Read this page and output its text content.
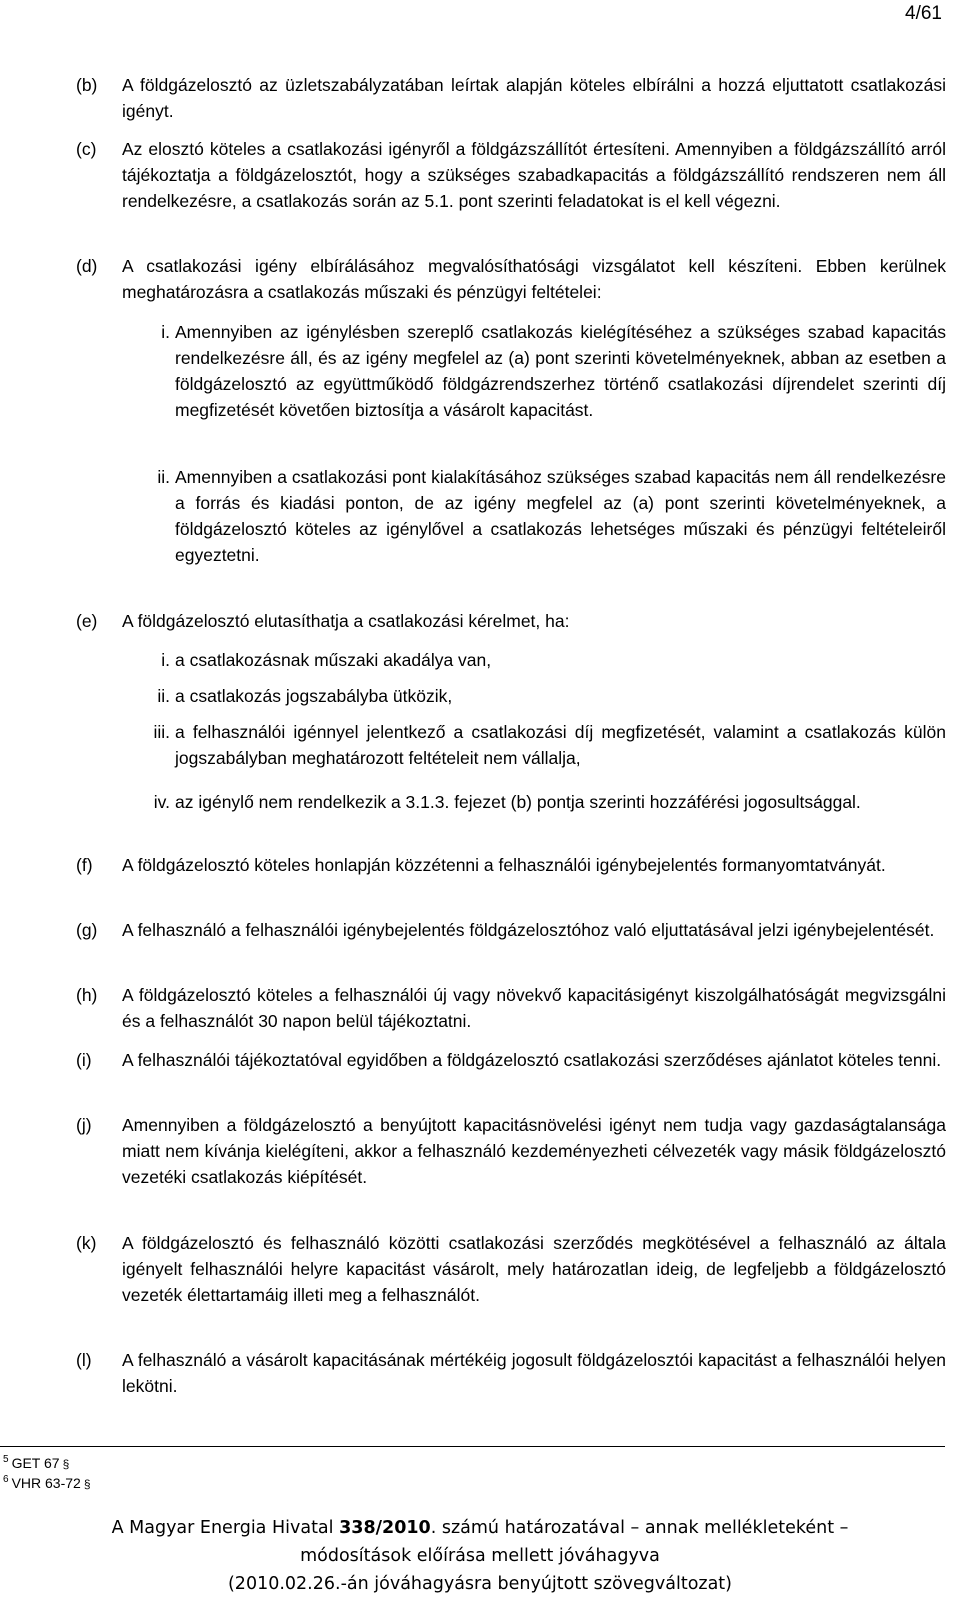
4/61
(b) A földgázelosztó az üzletszabályzatában leírtak alapján köteles elbírálni a hozzá eljuttatott csatlakozási igényt.
(c) Az elosztó köteles a csatlakozási igényről a földgázszállítót értesíteni. Amennyiben a földgázszállító arról tájékoztatja a földgázelosztót, hogy a szükséges szabadkapacitás a földgázszállító rendszeren nem áll rendelkezésre, a csatlakozás során az 5.1. pont szerinti feladatokat is el kell végezni.
(d) A csatlakozási igény elbírálásához megvalósíthatósági vizsgálatot kell készíteni. Ebben kerülnek meghatározásra a csatlakozás műszaki és pénzügyi feltételei:
i. Amennyiben az igénylésben szereplő csatlakozás kielégítéséhez a szükséges szabad kapacitás rendelkezésre áll, és az igény megfelel az (a) pont szerinti követelményeknek, abban az esetben a földgázelosztó az együttműködő földgázrendszerhez történő csatlakozási díjrendelet szerinti díj megfizetését követően biztosítja a vásárolt kapacitást.
ii. Amennyiben a csatlakozási pont kialakításához szükséges szabad kapacitás nem áll rendelkezésre a forrás és kiadási ponton, de az igény megfelel az (a) pont szerinti követelményeknek, a földgázelosztó köteles az igénylővel a csatlakozás lehetséges műszaki és pénzügyi feltételeiről egyeztetni.
(e) A földgázelosztó elutasíthatja a csatlakozási kérelmet, ha:
i. a csatlakozásnak műszaki akadálya van,
ii. a csatlakozás jogszabályba ütközik,
iii. a felhasználói igénnyel jelentkező a csatlakozási díj megfizetését, valamint a csatlakozás külön jogszabályban meghatározott feltételeit nem vállalja,
iv. az igénylő nem rendelkezik a 3.1.3. fejezet (b) pontja szerinti hozzáférési jogosultsággal.
(f) A földgázelosztó köteles honlapján közzétenni a felhasználói igénybejelentés formanyomtatványát.
(g) A felhasználó a felhasználói igénybejelentés földgázelosztóhoz való eljuttatásával jelzi igénybejelentését.
(h) A földgázelosztó köteles a felhasználói új vagy növekvő kapacitásigényt kiszolgálhatóságát megvizsgálni és a felhasználót 30 napon belül tájékoztatni.
(i) A felhasználói tájékoztatóval egyidőben a földgázelosztó csatlakozási szerződéses ajánlatot köteles tenni.
(j) Amennyiben a földgázelosztó a benyújtott kapacitásnövelési igényt nem tudja vagy gazdaságtalansága miatt nem kívánja kielégíteni, akkor a felhasználó kezdeményezheti célvezeték vagy másik földgázelosztó vezetéki csatlakozás kiépítését.
(k) A földgázelosztó és felhasználó közötti csatlakozási szerződés megkötésével a felhasználó az általa igényelt felhasználói helyre kapacitást vásárolt, mely határozatlan ideig, de legfeljebb a földgázelosztó vezeték élettartamáig illeti meg a felhasználót.
(l) A felhasználó a vásárolt kapacitásának mértékéig jogosult földgázelosztói kapacitást a felhasználói helyen lekötni.
$^5$ GET 67 §
$^6$ VHR 63-72 §
A Magyar Energia Hivatal 338/2010. számú határozatával – annak mellékleteként –
módosítások előírása mellett jóváhagyva
(2010.02.26.-án jóváhagyásra benyújtott szövegváltozat)
